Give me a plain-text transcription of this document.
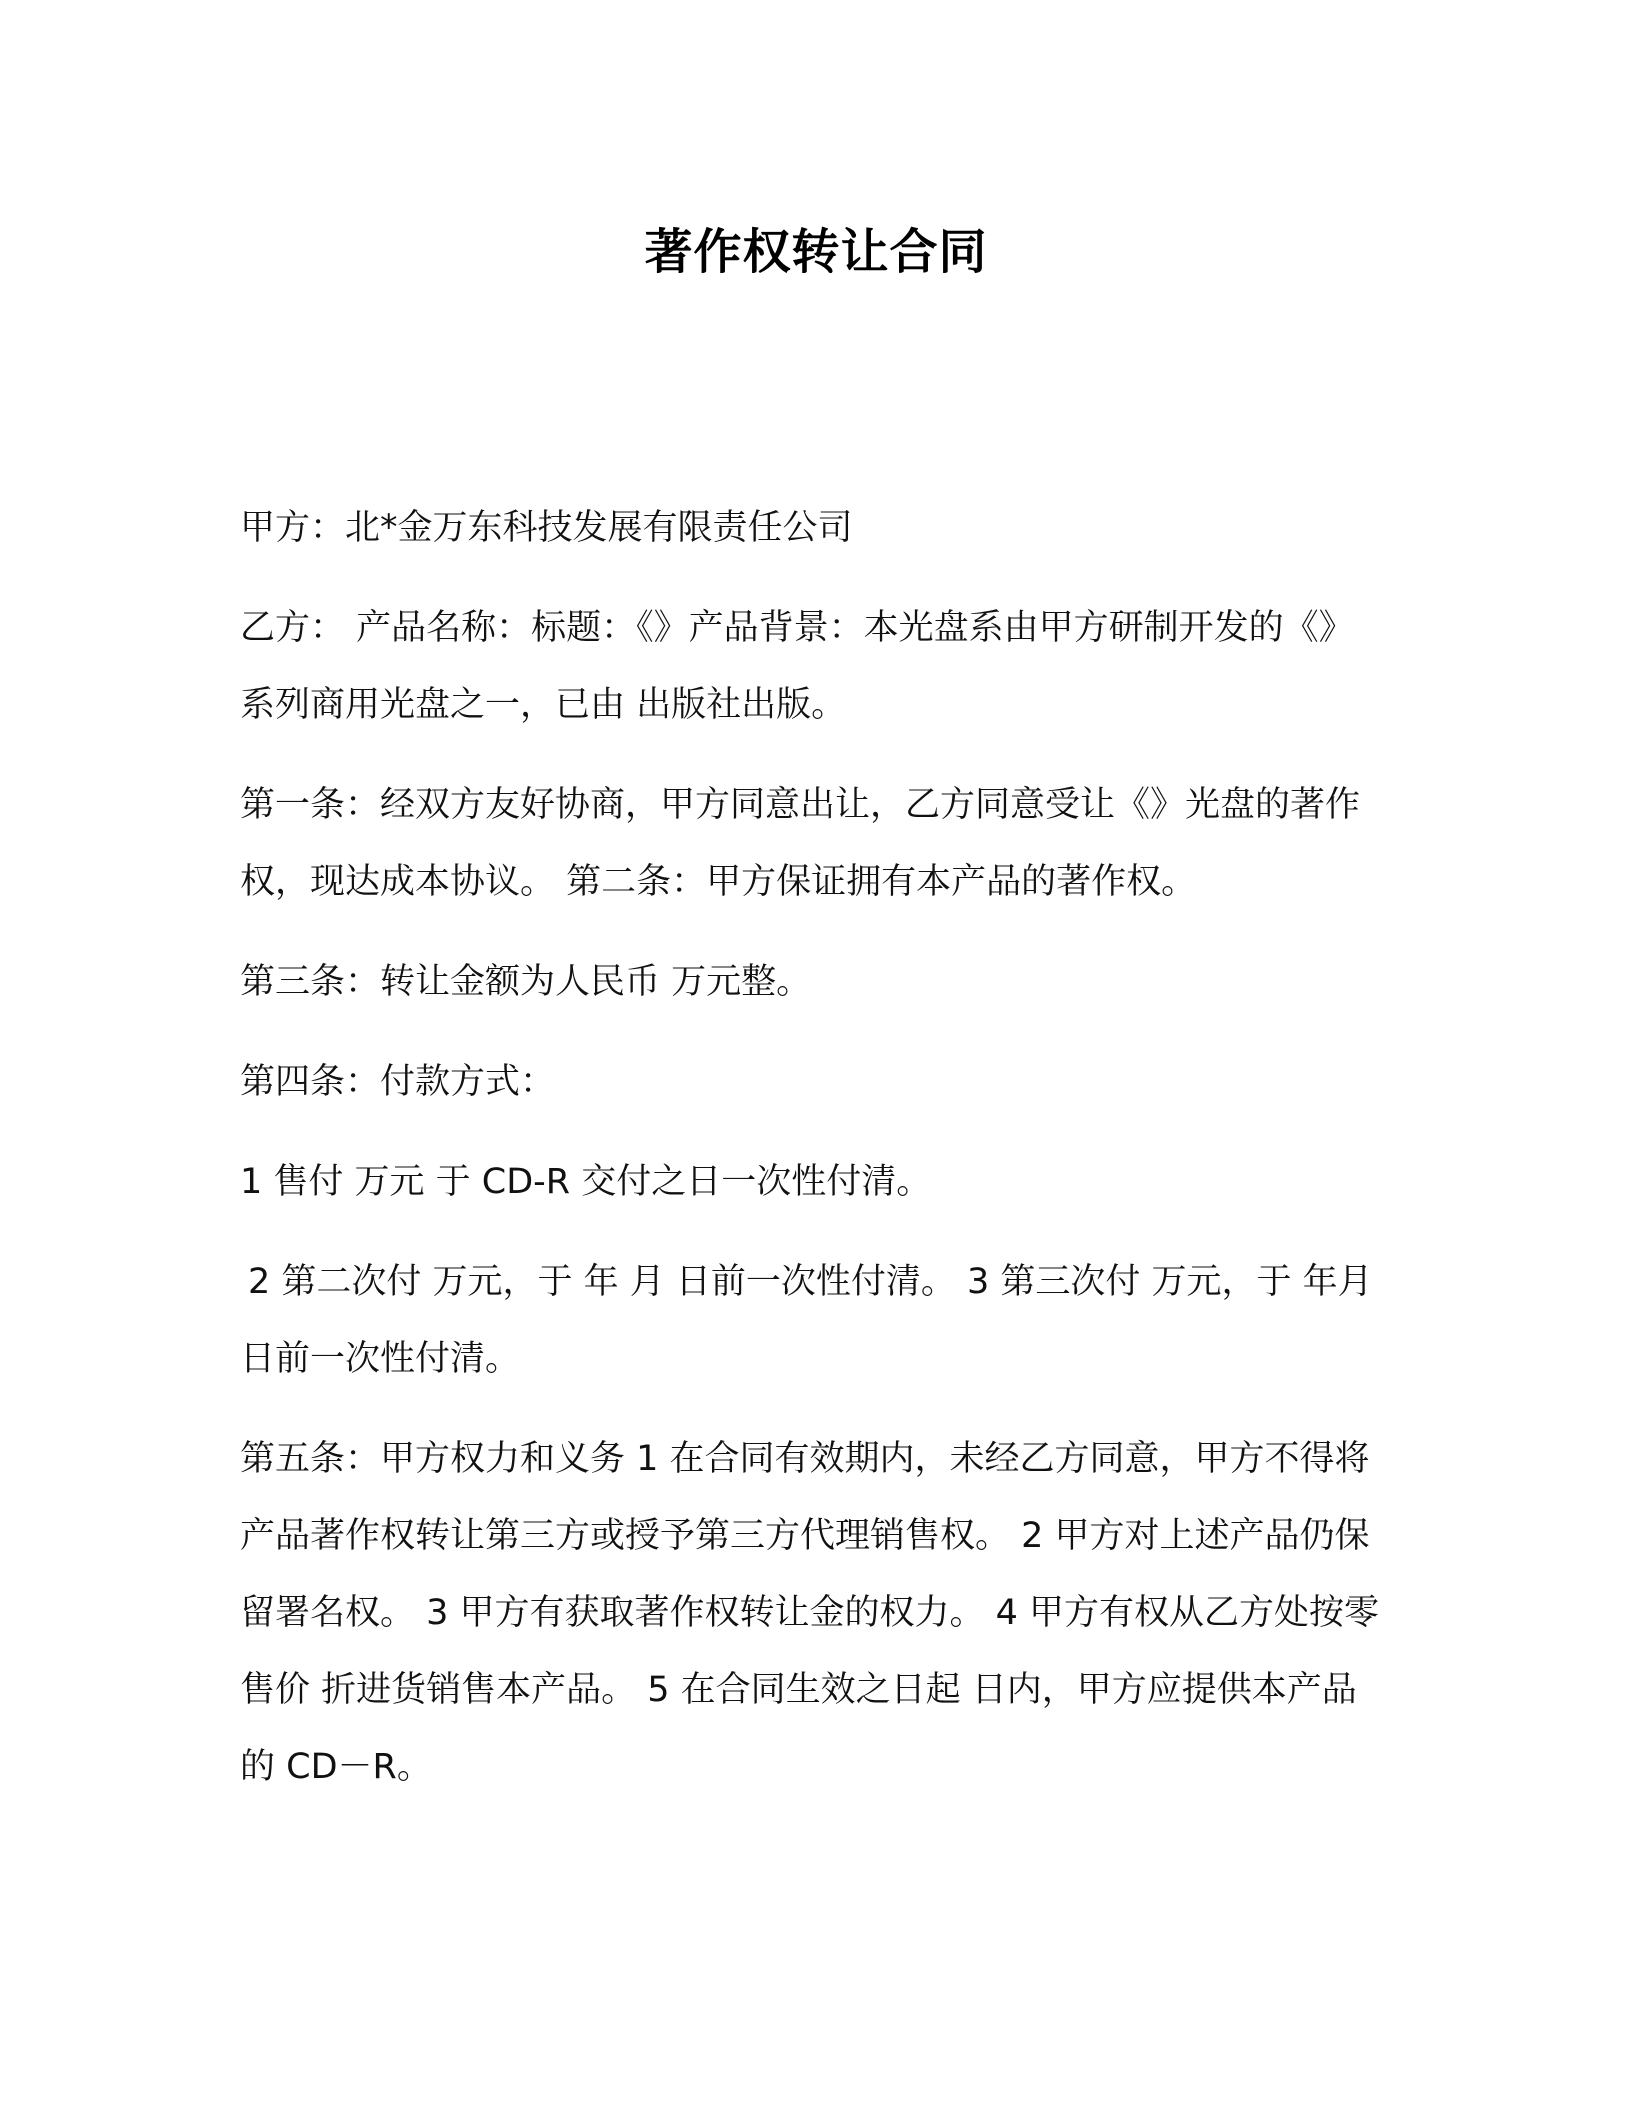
著作权转让合同

甲方：北*金万东科技发展有限责任公司

乙方： 产品名称：标题：《》产品背景：本光盘系由甲方研制开发的《》系列商用光盘之一，已由 出版社出版。

第一条：经双方友好协商，甲方同意出让，乙方同意受让《》光盘的著作权，现达成本协议。 第二条：甲方保证拥有本产品的著作权。

第三条：转让金额为人民币 万元整。

第四条：付款方式：

1 售付 万元 于 CD-R 交付之日一次性付清。

2 第二次付 万元，于 年 月 日前一次性付清。 3 第三次付 万元，于 年月 日前一次性付清。

第五条：甲方权力和义务 1 在合同有效期内，未经乙方同意，甲方不得将产品著作权转让第三方或授予第三方代理销售权。 2 甲方对上述产品仍保留署名权。 3 甲方有获取著作权转让金的权力。 4 甲方有权从乙方处按零售价 折进货销售本产品。 5 在合同生效之日起 日内，甲方应提供本产品的 CD－R。
